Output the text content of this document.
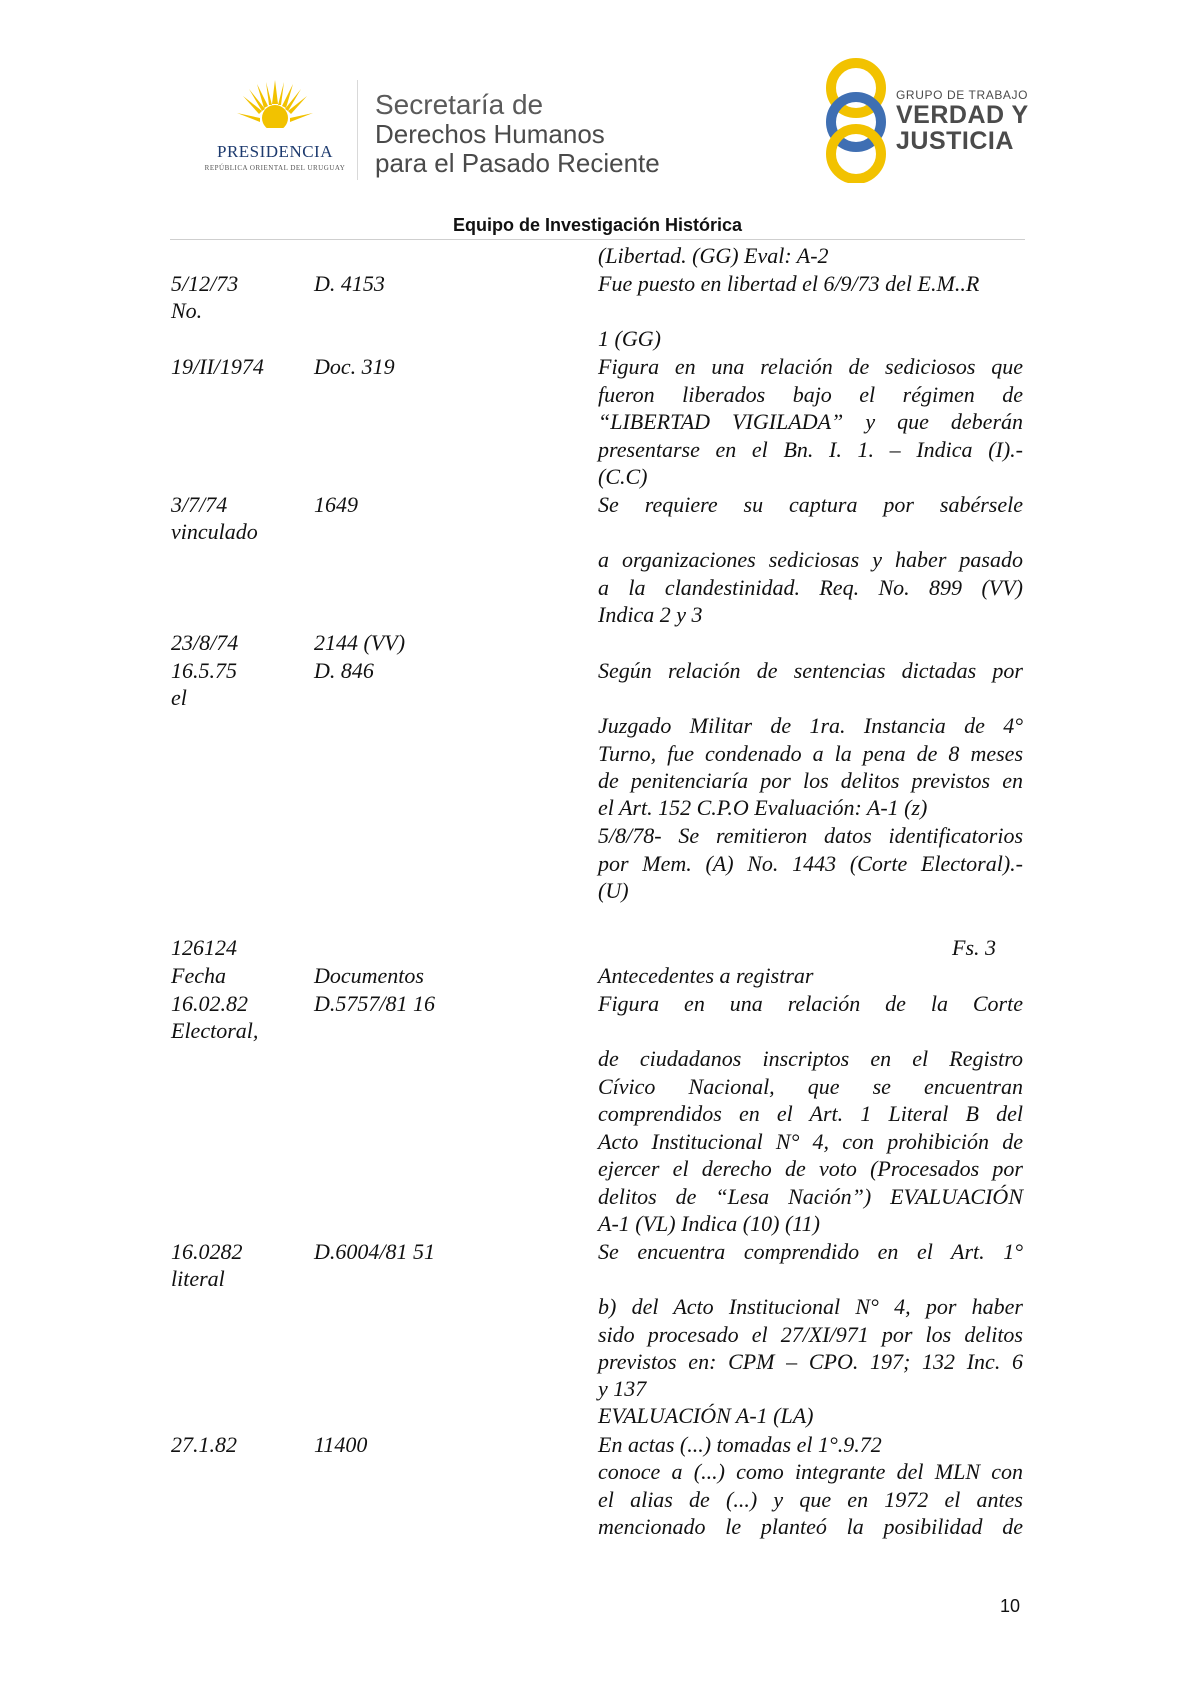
PRESIDENCIA
REPÚBLICA ORIENTAL DEL URUGUAY
Secretaría de
Derechos Humanos
para el Pasado Reciente
GRUPO DE TRABAJO
VERDAD Y
JUSTICIA
Equipo de Investigación Histórica
(Libertad. (GG) Eval: A-2
5/12/73	D. 4153	Fue puesto en libertad el 6/9/73 del E.M..R
No.
1 (GG)
19/II/1974 Doc. 319	Figura en una relación de sediciosos que
fueron liberados bajo el régimen de
“LIBERTAD VIGILADA” y que deberán
presentarse en el Bn. I. 1. – Indica (I).-
(C.C)
3/7/74	1649	Se requiere su captura por sabérsele
vinculado
a organizaciones sediciosas y haber pasado
a la clandestinidad. Req. No. 899 (VV)
Indica 2 y 3
23/8/74	2144 (VV)
16.5.75	D. 846	Según relación de sentencias dictadas por
el
Juzgado Militar de 1ra. Instancia de 4°
Turno, fue condenado a la pena de 8 meses
de penitenciaría por los delitos previstos en
el Art. 152 C.P.O Evaluación: A-1 (z)
5/8/78- Se remitieron datos identificatorios
por Mem. (A) No. 1443 (Corte Electoral).-
(U)
126124	Fs. 3
Fecha	Documentos	Antecedentes a registrar
16.02.82	D.5757/81 16	Figura en una relación de la Corte
Electoral,
de ciudadanos inscriptos en el Registro
Cívico Nacional, que se encuentran
comprendidos en el Art. 1 Literal B del
Acto Institucional N° 4, con prohibición de
ejercer el derecho de voto (Procesados por
delitos de “Lesa Nación”) EVALUACIÓN
A-1 (VL) Indica (10) (11)
16.0282	D.6004/81 51	Se encuentra comprendido en el Art. 1°
literal
b) del Acto Institucional N° 4, por haber
sido procesado el 27/XI/971 por los delitos
previstos en: CPM – CPO. 197; 132 Inc. 6
y 137
EVALUACIÓN A-1 (LA)
27.1.82	11400	En actas (...) tomadas el 1°.9.72
conoce a (...) como integrante del MLN con
el alias de (...) y que en 1972 el antes
mencionado le planteó la posibilidad de
10
